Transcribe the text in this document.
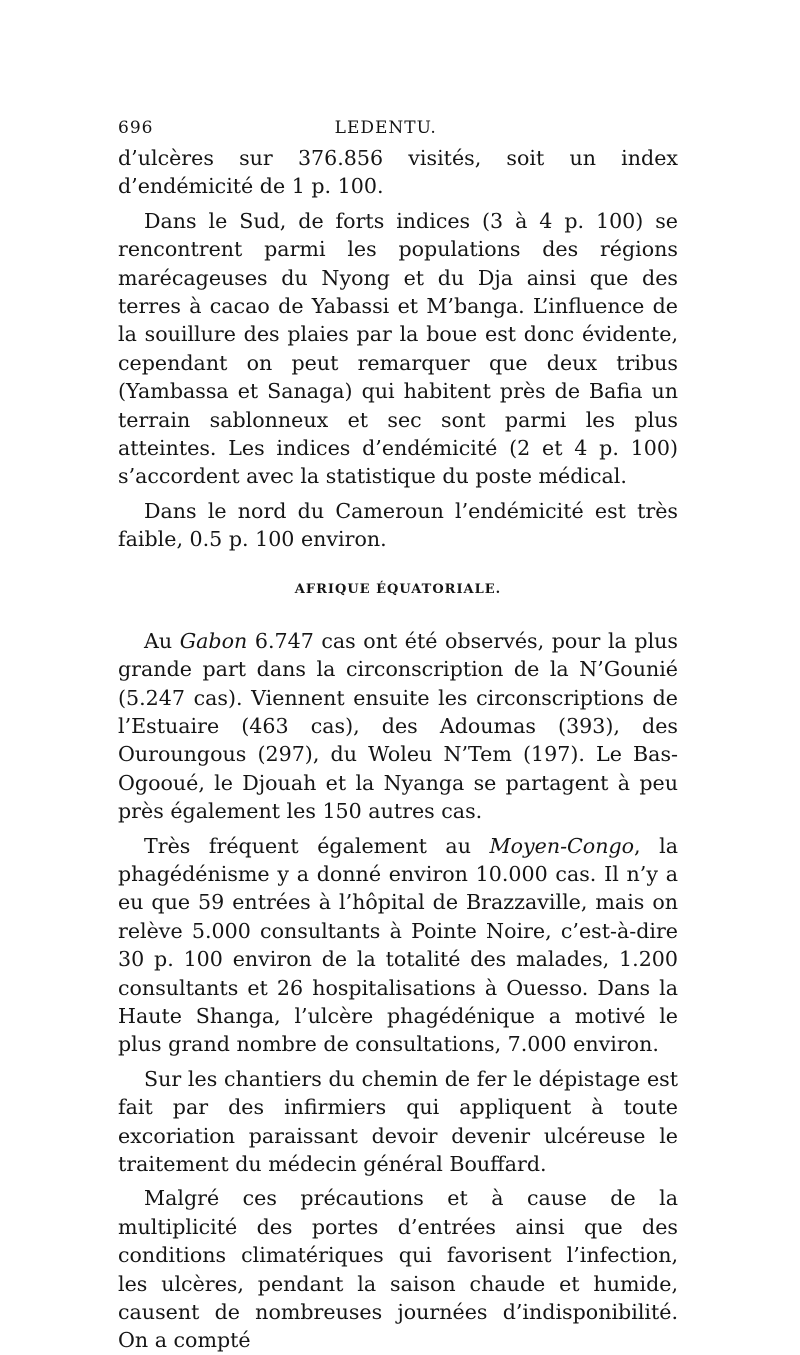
696	LEDENTU.

d’ulcères sur 376.856 visités, soit un index d’endémicité de 1 p. 100.

Dans le Sud, de forts indices (3 à 4 p. 100) se rencontrent parmi les populations des régions marécageuses du Nyong et du Dja ainsi que des terres à cacao de Yabassi et M’banga. L’influence de la souillure des plaies par la boue est donc évidente, cependant on peut remarquer que deux tribus (Yambassa et Sanaga) qui habitent près de Bafia un terrain sablonneux et sec sont parmi les plus atteintes. Les indices d’endémicité (2 et 4 p. 100) s’accordent avec la statistique du poste médical.

Dans le nord du Cameroun l’endémicité est très faible, 0.5 p. 100 environ.

AFRIQUE ÉQUATORIALE.

Au Gabon 6.747 cas ont été observés, pour la plus grande part dans la circonscription de la N’Gounié (5.247 cas). Viennent ensuite les circonscriptions de l’Estuaire (463 cas), des Adoumas (393), des Ouroungous (297), du Woleu N’Tem (197). Le Bas-Ogooué, le Djouah et la Nyanga se partagent à peu près également les 150 autres cas.

Très fréquent également au Moyen-Congo, la phagédénisme y a donné environ 10.000 cas. Il n’y a eu que 59 entrées à l’hôpital de Brazzaville, mais on relève 5.000 consultants à Pointe Noire, c’est-à-dire 30 p. 100 environ de la totalité des malades, 1.200 consultants et 26 hospitalisations à Ouesso. Dans la Haute Shanga, l’ulcère phagédénique a motivé le plus grand nombre de consultations, 7.000 environ.

Sur les chantiers du chemin de fer le dépistage est fait par des infirmiers qui appliquent à toute excoriation paraissant devoir devenir ulcéreuse le traitement du médecin général Bouffard.

Malgré ces précautions et à cause de la multiplicité des portes d’entrées ainsi que des conditions climatériques qui favorisent l’infection, les ulcères, pendant la saison chaude et humide, causent de nombreuses journées d’indisponibilité. On a compté
